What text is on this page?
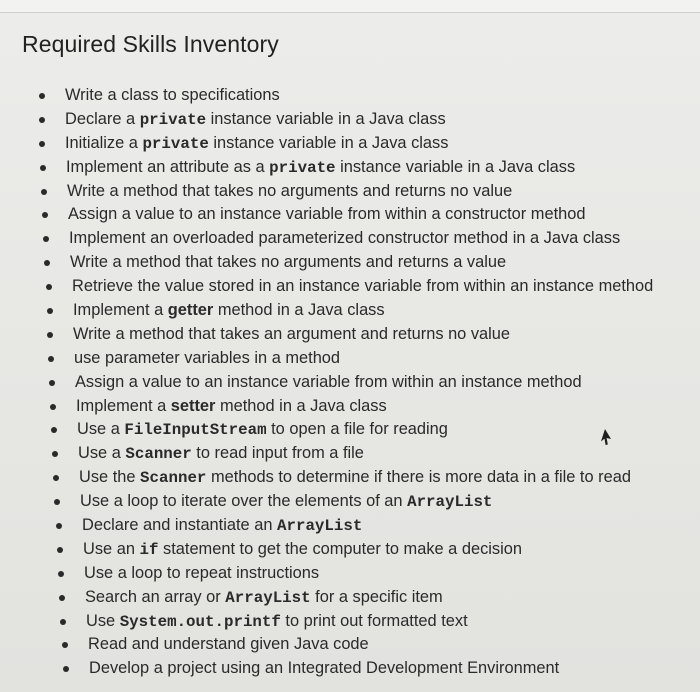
Required Skills Inventory
Write a class to specifications
Declare a private instance variable in a Java class
Initialize a private instance variable in a Java class
Implement an attribute as a private instance variable in a Java class
Write a method that takes no arguments and returns no value
Assign a value to an instance variable from within a constructor method
Implement an overloaded parameterized constructor method in a Java class
Write a method that takes no arguments and returns a value
Retrieve the value stored in an instance variable from within an instance method
Implement a getter method in a Java class
Write a method that takes an argument and returns no value
use parameter variables in a method
Assign a value to an instance variable from within an instance method
Implement a setter method in a Java class
Use a FileInputStream to open a file for reading
Use a Scanner to read input from a file
Use the Scanner methods to determine if there is more data in a file to read
Use a loop to iterate over the elements of an ArrayList
Declare and instantiate an ArrayList
Use an if statement to get the computer to make a decision
Use a loop to repeat instructions
Search an array or ArrayList for a specific item
Use System.out.printf to print out formatted text
Read and understand given Java code
Develop a project using an Integrated Development Environment
